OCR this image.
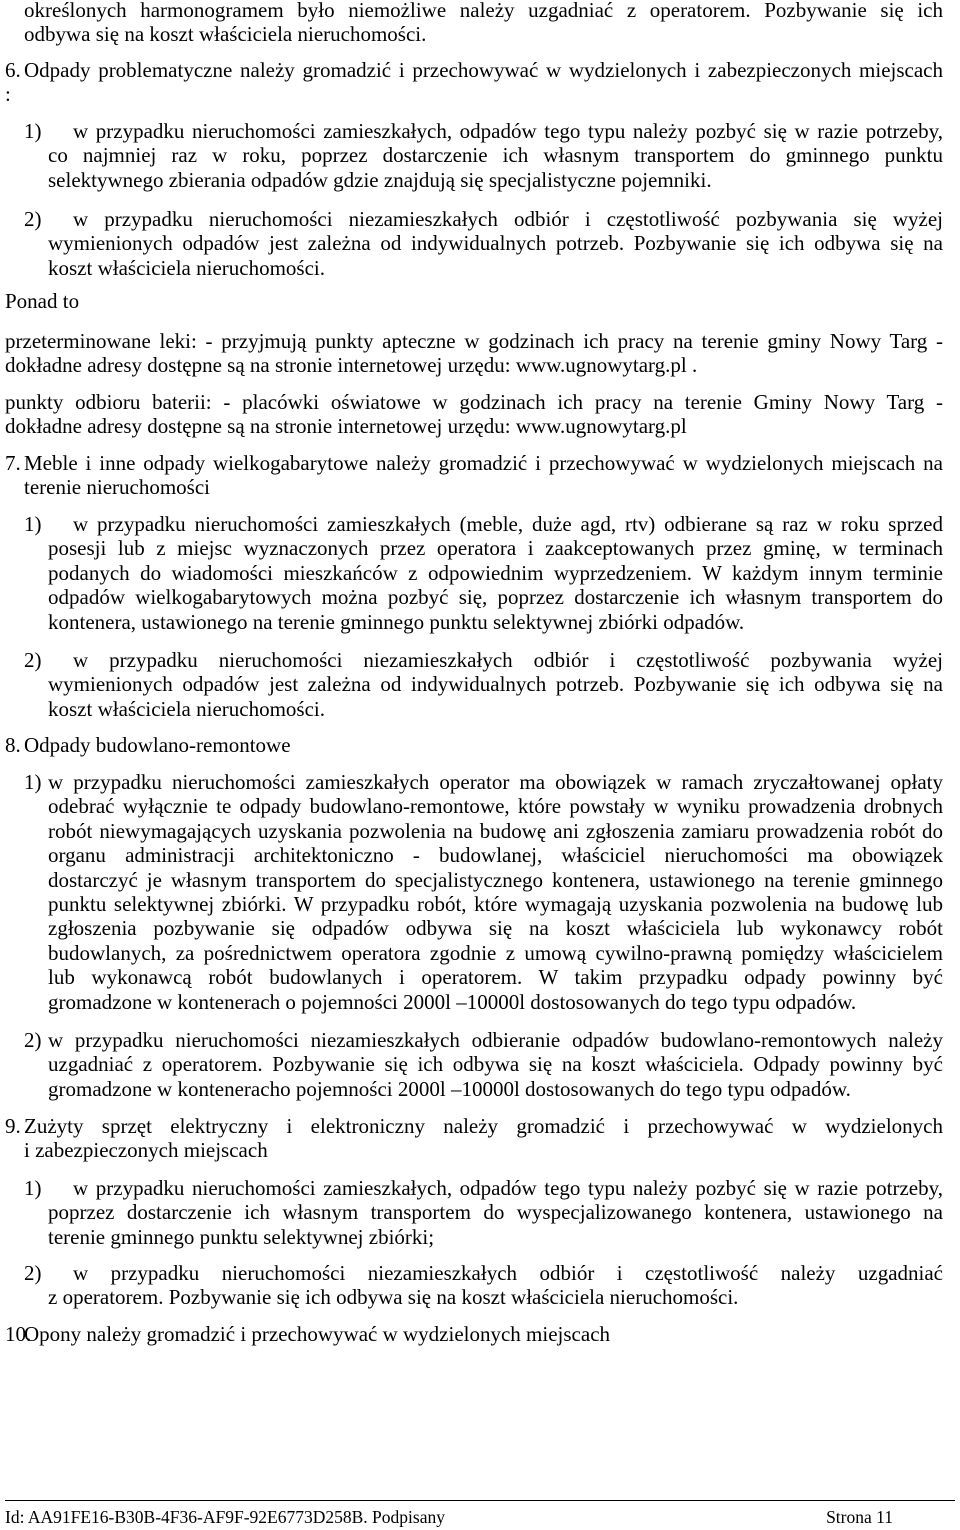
określonych harmonogramem było niemożliwe należy uzgadniać z operatorem. Pozbywanie się ich
odbywa się na koszt właściciela nieruchomości.
6. Odpady problematyczne należy gromadzić i przechowywać w wydzielonych i zabezpieczonych miejscach
:
1) w przypadku nieruchomości zamieszkałych, odpadów tego typu należy pozbyć się w razie potrzeby,
co najmniej raz w roku, poprzez dostarczenie ich własnym transportem do gminnego punktu
selektywnego zbierania odpadów gdzie znajdują się specjalistyczne pojemniki.
2) w przypadku nieruchomości niezamieszkałych odbiór i częstotliwość pozbywania się wyżej
wymienionych odpadów jest zależna od indywidualnych potrzeb. Pozbywanie się ich odbywa się na
koszt właściciela nieruchomości.
Ponad to
przeterminowane leki: - przyjmują punkty apteczne w godzinach ich pracy na terenie gminy Nowy Targ -
dokładne adresy dostępne są na stronie internetowej urzędu: www.ugnowytarg.pl .
punkty odbioru baterii: - placówki oświatowe w godzinach ich pracy na terenie Gminy Nowy Targ -
dokładne adresy dostępne są na stronie internetowej urzędu: www.ugnowytarg.pl
7. Meble i inne odpady wielkogabarytowe należy gromadzić i przechowywać w wydzielonych miejscach na
terenie nieruchomości
1) w przypadku nieruchomości zamieszkałych (meble, duże agd, rtv) odbierane są raz w roku sprzed
posesji lub z miejsc wyznaczonych przez operatora i zaakceptowanych przez gminę, w terminach
podanych do wiadomości mieszkańców z odpowiednim wyprzedzeniem. W każdym innym terminie
odpadów wielkogabarytowych można pozbyć się, poprzez dostarczenie ich własnym transportem do
kontenera, ustawionego na terenie gminnego punktu selektywnej zbiórki odpadów.
2) w przypadku nieruchomości niezamieszkałych odbiór i częstotliwość pozbywania wyżej
wymienionych odpadów jest zależna od indywidualnych potrzeb. Pozbywanie się ich odbywa się na
koszt właściciela nieruchomości.
8. Odpady budowlano-remontowe
1) w przypadku nieruchomości zamieszkałych operator ma obowiązek w ramach zryczałtowanej opłaty
odebrać wyłącznie te odpady budowlano-remontowe, które powstały w wyniku prowadzenia drobnych
robót niewymagających uzyskania pozwolenia na budowę ani zgłoszenia zamiaru prowadzenia robót do
organu administracji architektoniczno - budowlanej, właściciel nieruchomości ma obowiązek
dostarczyć je własnym transportem do specjalistycznego kontenera, ustawionego na terenie gminnego
punktu selektywnej zbiórki. W przypadku robót, które wymagają uzyskania pozwolenia na budowę lub
zgłoszenia pozbywanie się odpadów odbywa się na koszt właściciela lub wykonawcy robót
budowlanych, za pośrednictwem operatora zgodnie z umową cywilno-prawną pomiędzy właścicielem
lub wykonawcą robót budowlanych i operatorem. W takim przypadku odpady powinny być
gromadzone w kontenerach o pojemności 2000l –10000l dostosowanych do tego typu odpadów.
2) w przypadku nieruchomości niezamieszkałych odbieranie odpadów budowlano-remontowych należy
uzgadniać z operatorem. Pozbywanie się ich odbywa się na koszt właściciela. Odpady powinny być
gromadzone w konteneracho pojemności 2000l –10000l dostosowanych do tego typu odpadów.
9. Zużyty sprzęt elektryczny i elektroniczny należy gromadzić i przechowywać w wydzielonych
i zabezpieczonych miejscach
1) w przypadku nieruchomości zamieszkałych, odpadów tego typu należy pozbyć się w razie potrzeby,
poprzez dostarczenie ich własnym transportem do wyspecjalizowanego kontenera, ustawionego na
terenie gminnego punktu selektywnej zbiórki;
2) w przypadku nieruchomości niezamieszkałych odbiór i częstotliwość należy uzgadniać
z operatorem. Pozbywanie się ich odbywa się na koszt właściciela nieruchomości.
10.
Opony należy gromadzić i przechowywać w wydzielonych miejscach
Id: AA91FE16-B30B-4F36-AF9F-92E6773D258B. Podpisany	Strona 11
